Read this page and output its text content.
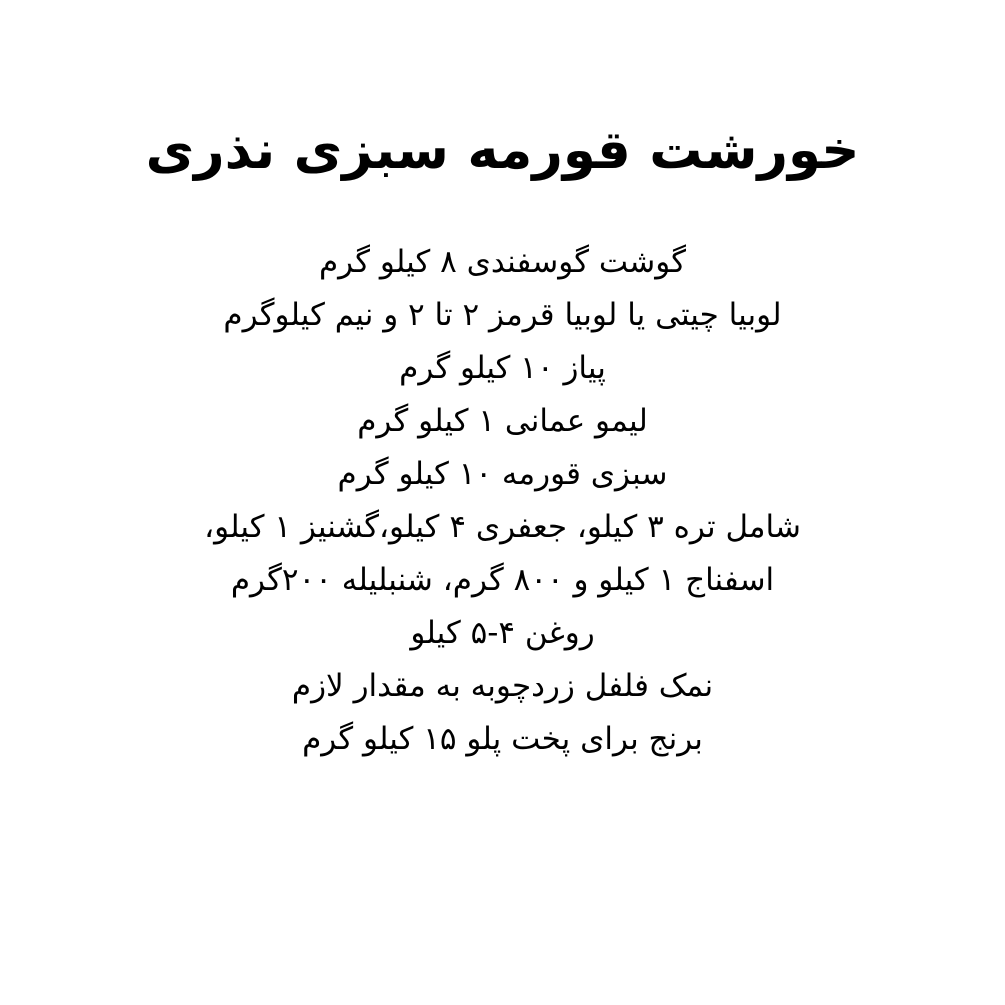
خورشت قورمه سبزی نذری
گوشت گوسفندی ۸ کیلو گرم
لوبیا چیتی یا لوبیا قرمز ۲ تا ۲ و نیم کیلوگرم
پیاز ۱۰ کیلو گرم
لیمو عمانی ۱ کیلو گرم
سبزی قورمه ۱۰ کیلو گرم
شامل تره ۳ کیلو، جعفری ۴ کیلو،گشنیز ۱ کیلو،
اسفناج ۱ کیلو و ۸۰۰ گرم، شنبلیله ۲۰۰گرم
روغن ۴-۵ کیلو
نمک فلفل زردچوبه به مقدار لازم
برنج برای پخت پلو ۱۵ کیلو گرم
